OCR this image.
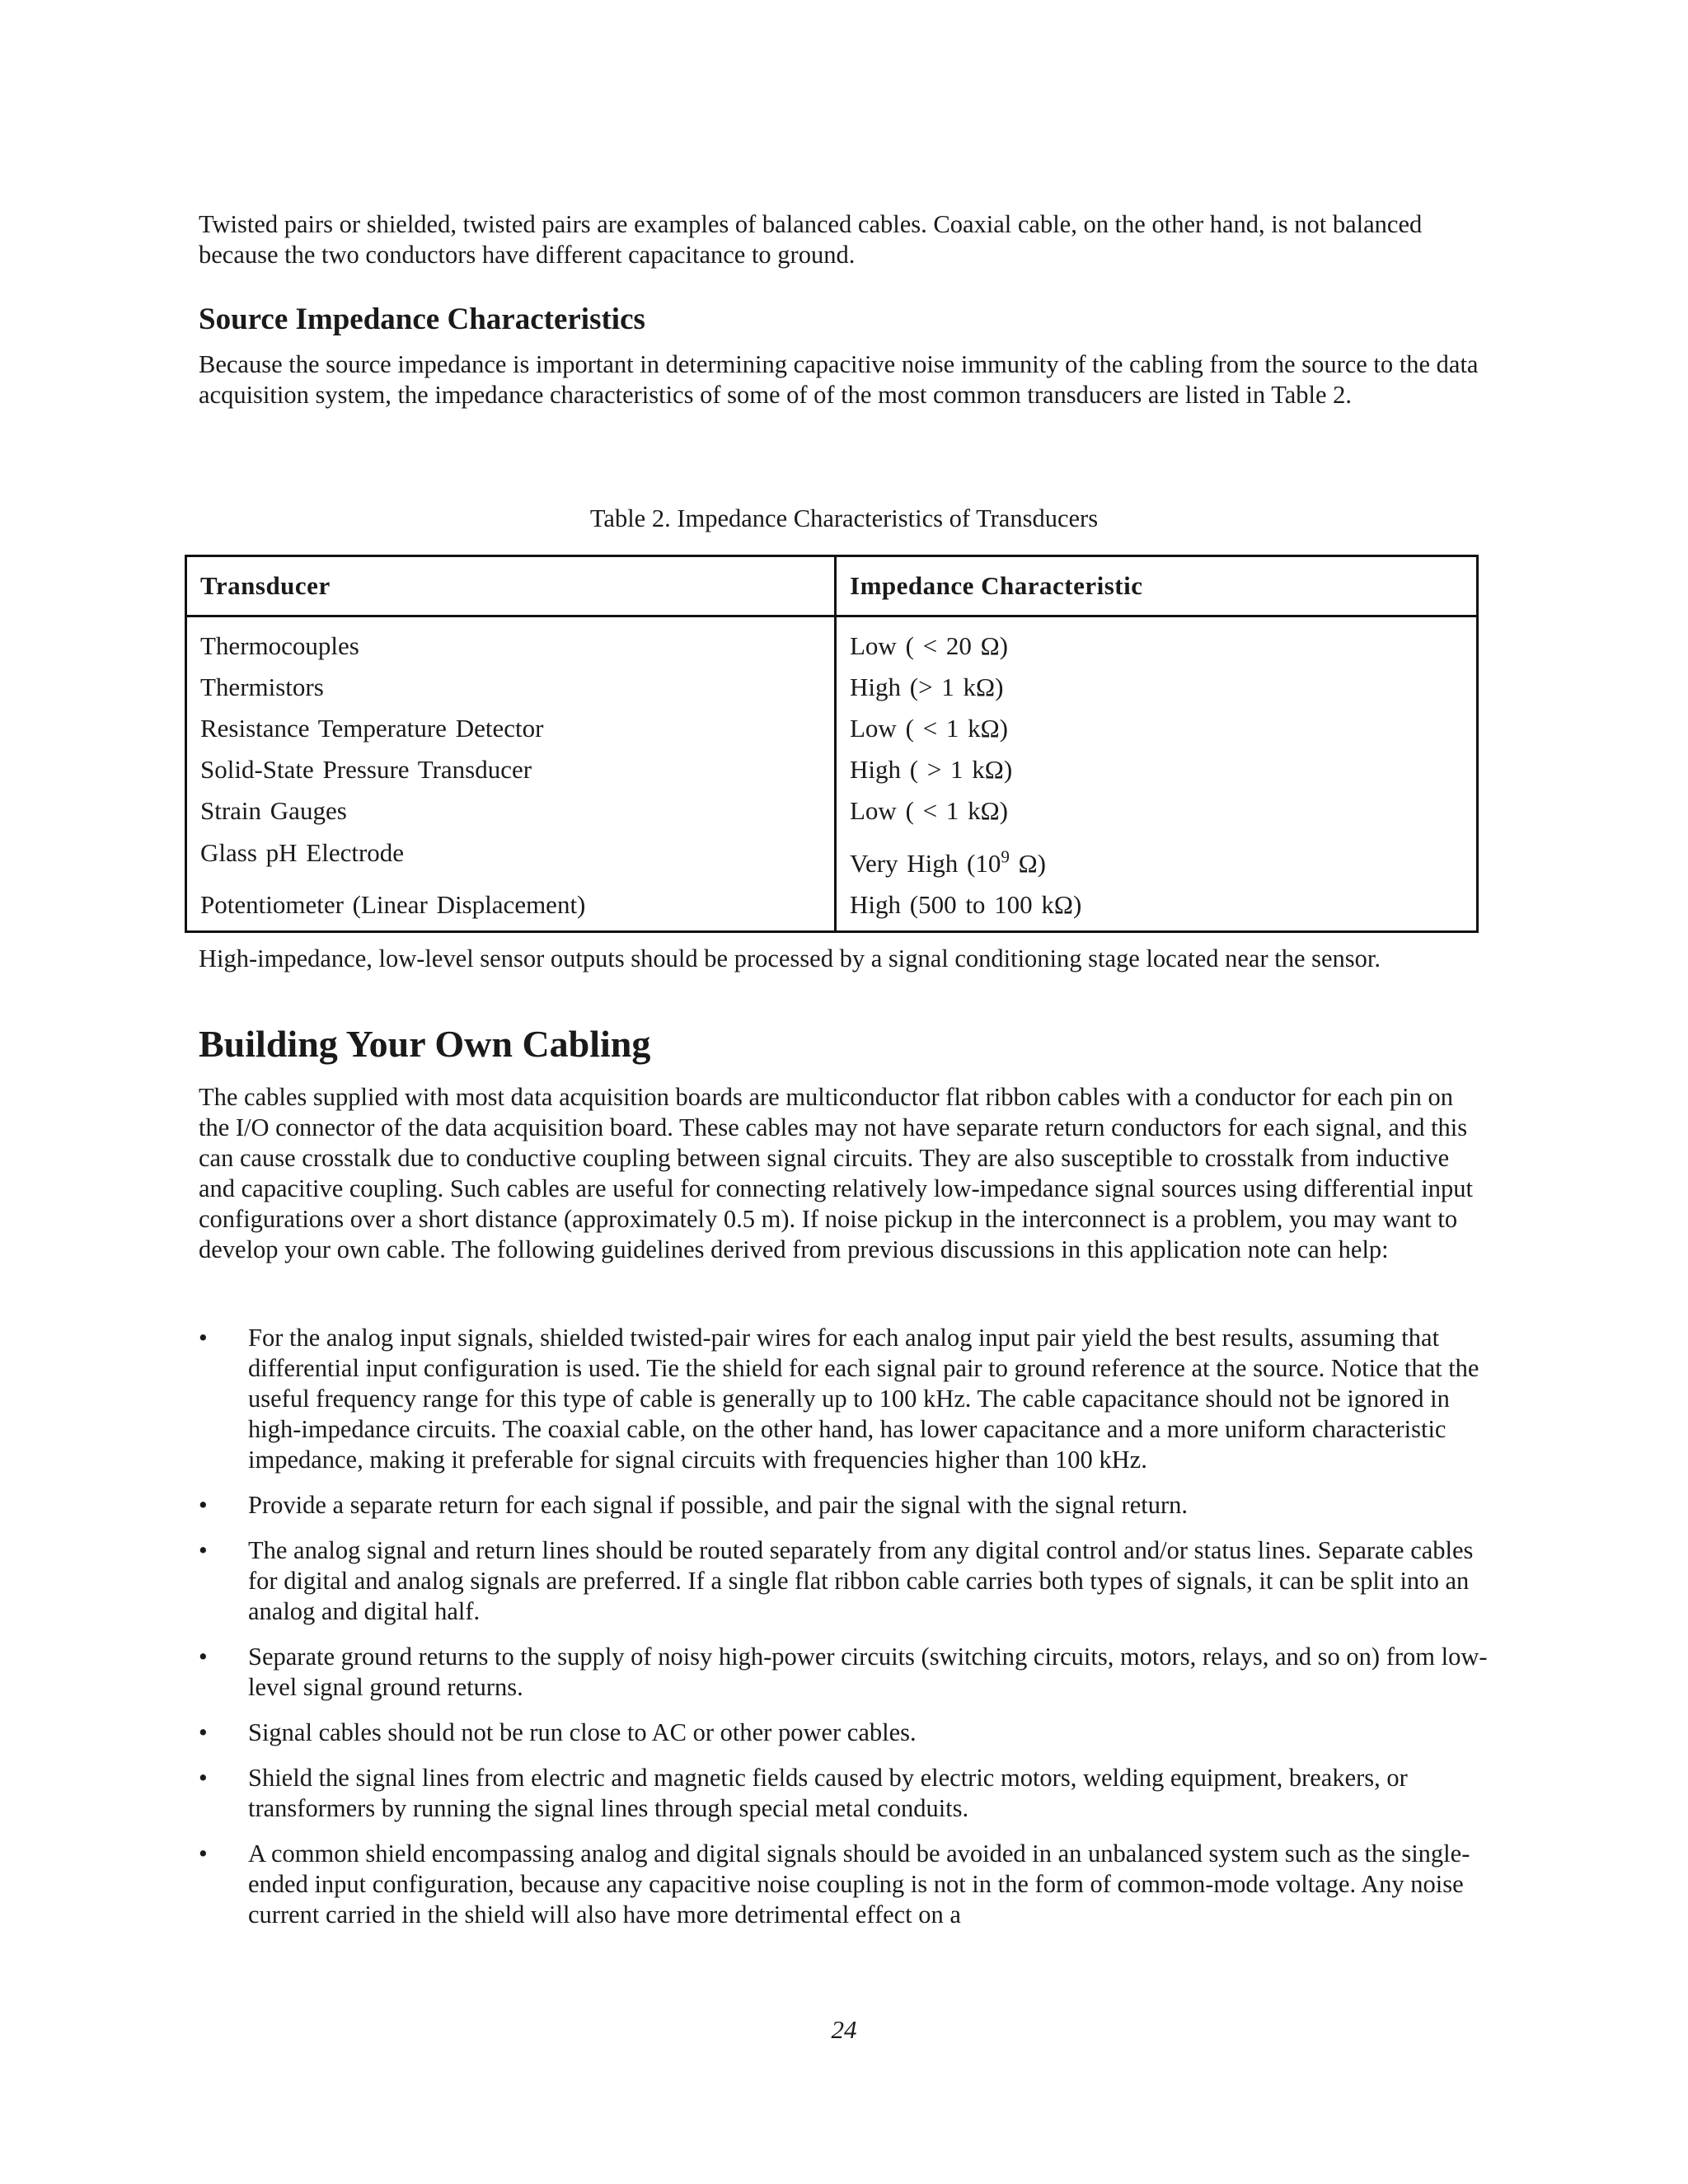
Twisted pairs or shielded, twisted pairs are examples of balanced cables. Coaxial cable, on the other hand, is not balanced because the two conductors have different capacitance to ground.
Source Impedance Characteristics
Because the source impedance is important in determining capacitive noise immunity of the cabling from the source to the data acquisition system, the impedance characteristics of some of of the most common transducers are listed in Table 2.
Table 2. Impedance Characteristics of Transducers
Transducer	Impedance Characteristic
Thermocouples	Low ( < 20 Ω)
Thermistors	High (> 1 kΩ)
Resistance Temperature Detector	Low ( < 1 kΩ)
Solid-State Pressure Transducer	High ( > 1 kΩ)
Strain Gauges	Low ( < 1 kΩ)
Glass pH Electrode	Very High ($10^9$ Ω)
Potentiometer (Linear Displacement)	High (500 to 100 kΩ)
High-impedance, low-level sensor outputs should be processed by a signal conditioning stage located near the sensor.
Building Your Own Cabling
The cables supplied with most data acquisition boards are multiconductor flat ribbon cables with a conductor for each pin on the I/O connector of the data acquisition board. These cables may not have separate return conductors for each signal, and this can cause crosstalk due to conductive coupling between signal circuits. They are also susceptible to crosstalk from inductive and capacitive coupling. Such cables are useful for connecting relatively low-impedance signal sources using differential input configurations over a short distance (approximately 0.5 m). If noise pickup in the interconnect is a problem, you may want to develop your own cable. The following guidelines derived from previous discussions in this application note can help:
• For the analog input signals, shielded twisted-pair wires for each analog input pair yield the best results, assuming that differential input configuration is used. Tie the shield for each signal pair to ground reference at the source. Notice that the useful frequency range for this type of cable is generally up to 100 kHz. The cable capacitance should not be ignored in high-impedance circuits. The coaxial cable, on the other hand, has lower capacitance and a more uniform characteristic impedance, making it preferable for signal circuits with frequencies higher than 100 kHz.
• Provide a separate return for each signal if possible, and pair the signal with the signal return.
• The analog signal and return lines should be routed separately from any digital control and/or status lines. Separate cables for digital and analog signals are preferred. If a single flat ribbon cable carries both types of signals, it can be split into an analog and digital half.
• Separate ground returns to the supply of noisy high-power circuits (switching circuits, motors, relays, and so on) from low-level signal ground returns.
• Signal cables should not be run close to AC or other power cables.
• Shield the signal lines from electric and magnetic fields caused by electric motors, welding equipment, breakers, or transformers by running the signal lines through special metal conduits.
• A common shield encompassing analog and digital signals should be avoided in an unbalanced system such as the single-ended input configuration, because any capacitive noise coupling is not in the form of common-mode voltage. Any noise current carried in the shield will also have more detrimental effect on a
24
